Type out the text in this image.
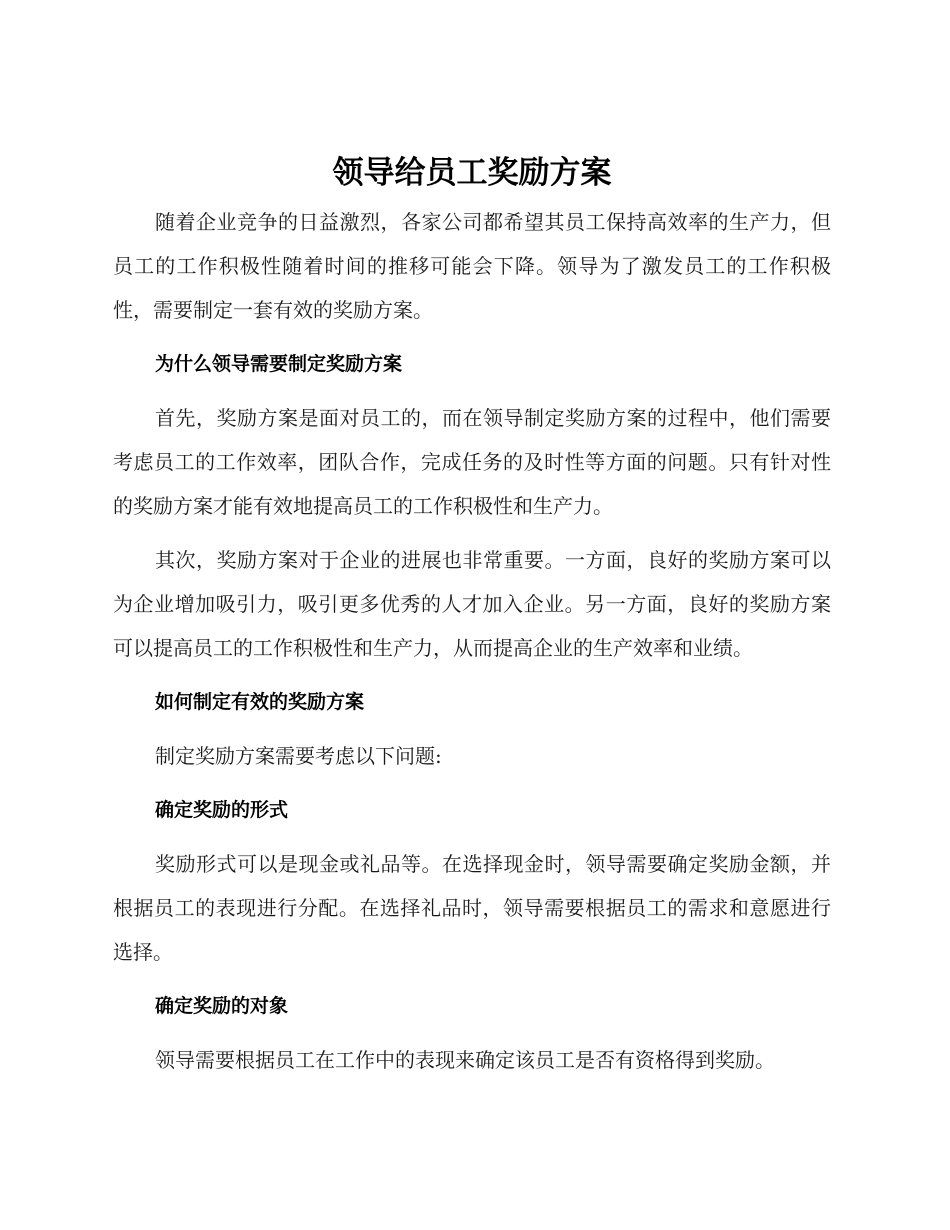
领导给员工奖励方案

随着企业竞争的日益激烈，各家公司都希望其员工保持高效率的生产力，但员工的工作积极性随着时间的推移可能会下降。领导为了激发员工的工作积极性，需要制定一套有效的奖励方案。

为什么领导需要制定奖励方案

首先，奖励方案是面对员工的，而在领导制定奖励方案的过程中，他们需要考虑员工的工作效率，团队合作，完成任务的及时性等方面的问题。只有针对性的奖励方案才能有效地提高员工的工作积极性和生产力。

其次，奖励方案对于企业的进展也非常重要。一方面，良好的奖励方案可以为企业增加吸引力，吸引更多优秀的人才加入企业。另一方面，良好的奖励方案可以提高员工的工作积极性和生产力，从而提高企业的生产效率和业绩。

如何制定有效的奖励方案

制定奖励方案需要考虑以下问题:

确定奖励的形式

奖励形式可以是现金或礼品等。在选择现金时，领导需要确定奖励金额，并根据员工的表现进行分配。在选择礼品时，领导需要根据员工的需求和意愿进行选择。

确定奖励的对象

领导需要根据员工在工作中的表现来确定该员工是否有资格得到奖励。
